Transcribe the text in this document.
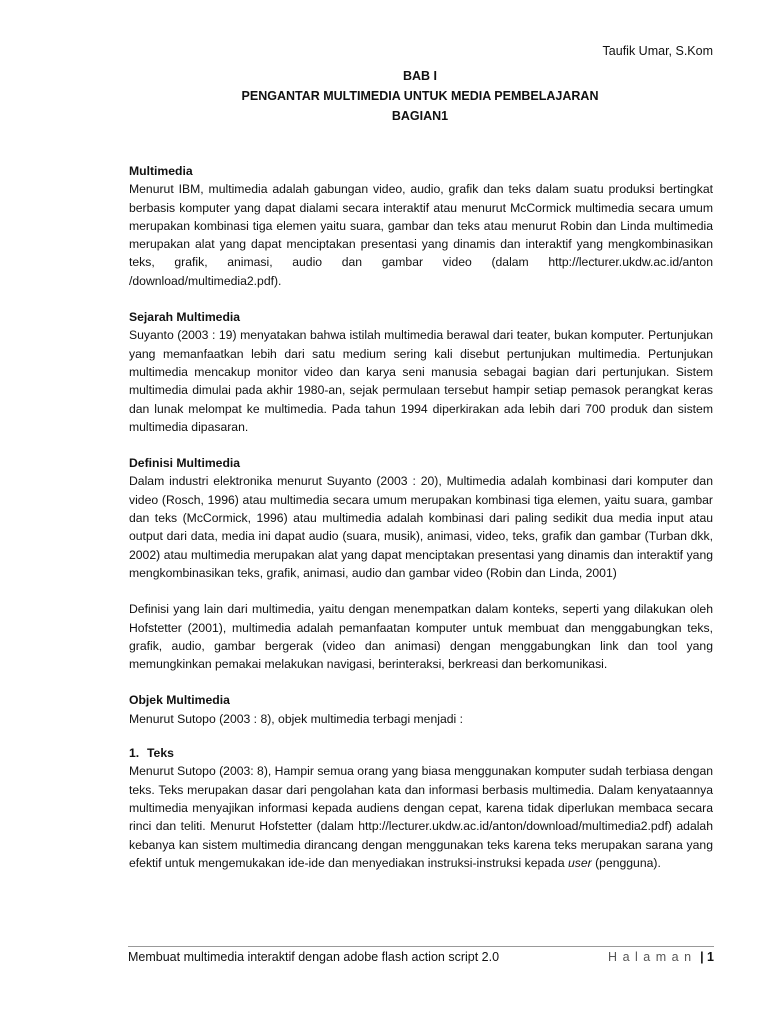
Taufik Umar, S.Kom
BAB I
PENGANTAR MULTIMEDIA UNTUK MEDIA PEMBELAJARAN
BAGIAN1
Multimedia

Menurut IBM, multimedia adalah gabungan video, audio, grafik dan teks dalam suatu produksi bertingkat berbasis komputer yang dapat dialami secara interaktif atau menurut McCormick multimedia secara umum merupakan kombinasi tiga elemen yaitu suara, gambar dan teks atau menurut Robin dan Linda multimedia merupakan alat yang dapat menciptakan presentasi yang dinamis dan interaktif yang mengkombinasikan teks, grafik, animasi, audio dan gambar video (dalam http://lecturer.ukdw.ac.id/anton /download/multimedia2.pdf).

Sejarah Multimedia

Suyanto (2003 : 19) menyatakan bahwa istilah multimedia berawal dari teater, bukan komputer. Pertunjukan yang memanfaatkan lebih dari satu medium sering kali disebut pertunjukan multimedia. Pertunjukan multimedia mencakup monitor video dan karya seni manusia sebagai bagian dari pertunjukan. Sistem multimedia dimulai pada akhir 1980-an, sejak permulaan tersebut hampir setiap pemasok perangkat keras dan lunak melompat ke multimedia. Pada tahun 1994 diperkirakan ada lebih dari 700 produk dan sistem multimedia dipasaran.

Definisi Multimedia

Dalam industri elektronika menurut Suyanto (2003 : 20), Multimedia adalah kombinasi dari komputer dan video (Rosch, 1996) atau multimedia secara umum merupakan kombinasi tiga elemen, yaitu suara, gambar dan teks (McCormick, 1996) atau multimedia adalah kombinasi dari paling sedikit dua media input atau output dari data, media ini dapat audio (suara, musik), animasi, video, teks, grafik dan gambar (Turban dkk, 2002) atau multimedia merupakan alat yang dapat menciptakan presentasi yang dinamis dan interaktif yang mengkombinasikan teks, grafik, animasi, audio dan gambar video (Robin dan Linda, 2001)

Definisi yang lain dari multimedia, yaitu dengan menempatkan dalam konteks, seperti yang dilakukan oleh Hofstetter (2001), multimedia adalah pemanfaatan komputer untuk membuat dan menggabungkan teks, grafik, audio, gambar bergerak (video dan animasi) dengan menggabungkan link dan tool yang memungkinkan pemakai melakukan navigasi, berinteraksi, berkreasi dan berkomunikasi.

Objek Multimedia

Menurut Sutopo (2003 : 8), objek multimedia terbagi menjadi :

1. Teks

Menurut Sutopo (2003: 8), Hampir semua orang yang biasa menggunakan komputer sudah terbiasa dengan teks. Teks merupakan dasar dari pengolahan kata dan informasi berbasis multimedia. Dalam kenyataannya multimedia menyajikan informasi kepada audiens dengan cepat, karena tidak diperlukan membaca secara rinci dan teliti. Menurut Hofstetter (dalam http://lecturer.ukdw.ac.id/anton/download/multimedia2.pdf) adalah kebanya kan sistem multimedia dirancang dengan menggunakan teks karena teks merupakan sarana yang efektif untuk mengemukakan ide-ide dan menyediakan instruksi-instruksi kepada user (pengguna).

Membuat multimedia interaktif dengan adobe flash action script 2.0	Halaman | 1
